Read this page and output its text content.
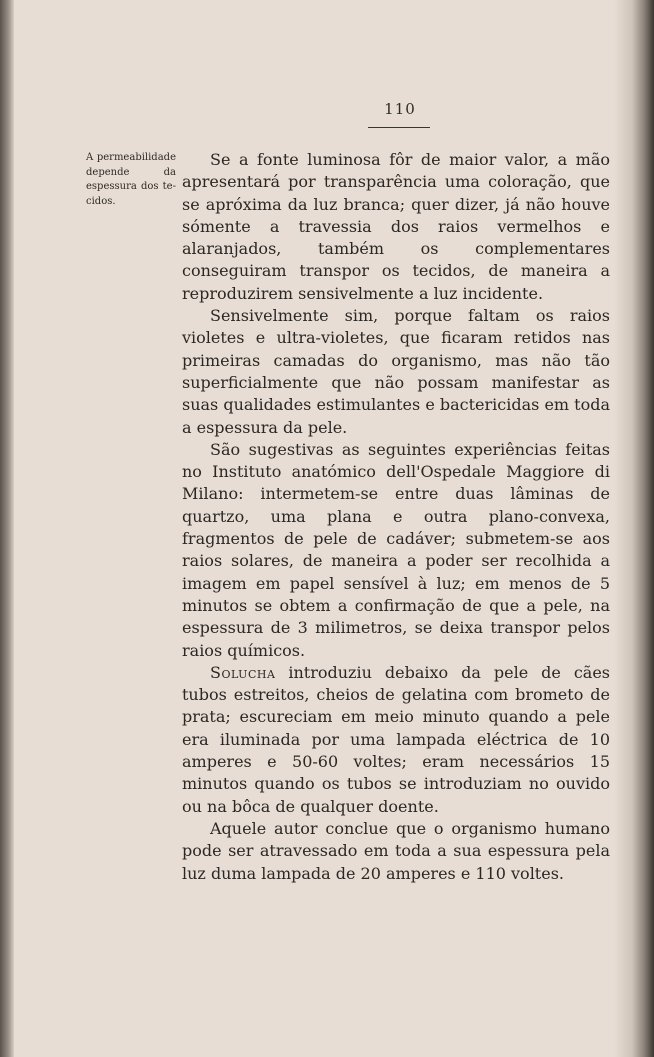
110
A permeabilidade depende da espessura dos tecidos.

Se a fonte luminosa fôr de maior valor, a mão apresentará por transparência uma coloração, que se apróxima da luz branca; quer dizer, já não houve sómente a travessia dos raios vermelhos e alaranjados, também os complementares conseguiram transpor os tecidos, de maneira a reproduzirem sensivelmente a luz incidente.

Sensivelmente sim, porque faltam os raios violetes e ultra-violetes, que ficaram retidos nas primeiras camadas do organismo, mas não tão superficialmente que não possam manifestar as suas qualidades estimulantes e bactericidas em toda a espessura da pele.

São sugestivas as seguintes experiências feitas no Instituto anatómico dell'Ospedale Maggiore di Milano: intermetem-se entre duas lâminas de quartzo, uma plana e outra plano-convexa, fragmentos de pele de cadáver; submetem-se aos raios solares, de maneira a poder ser recolhida a imagem em papel sensível à luz; em menos de 5 minutos se obtem a confirmação de que a pele, na espessura de 3 milimetros, se deixa transpor pelos raios químicos.

Solucha introduziu debaixo da pele de cães tubos estreitos, cheios de gelatina com brometo de prata; escureciam em meio minuto quando a pele era iluminada por uma lampada eléctrica de 10 amperes e 50-60 voltes; eram necessários 15 minutos quando os tubos se introduziam no ouvido ou na bôca de qualquer doente.

Aquele autor conclue que o organismo humano pode ser atravessado em toda a sua espessura pela luz duma lampada de 20 amperes e 110 voltes.
